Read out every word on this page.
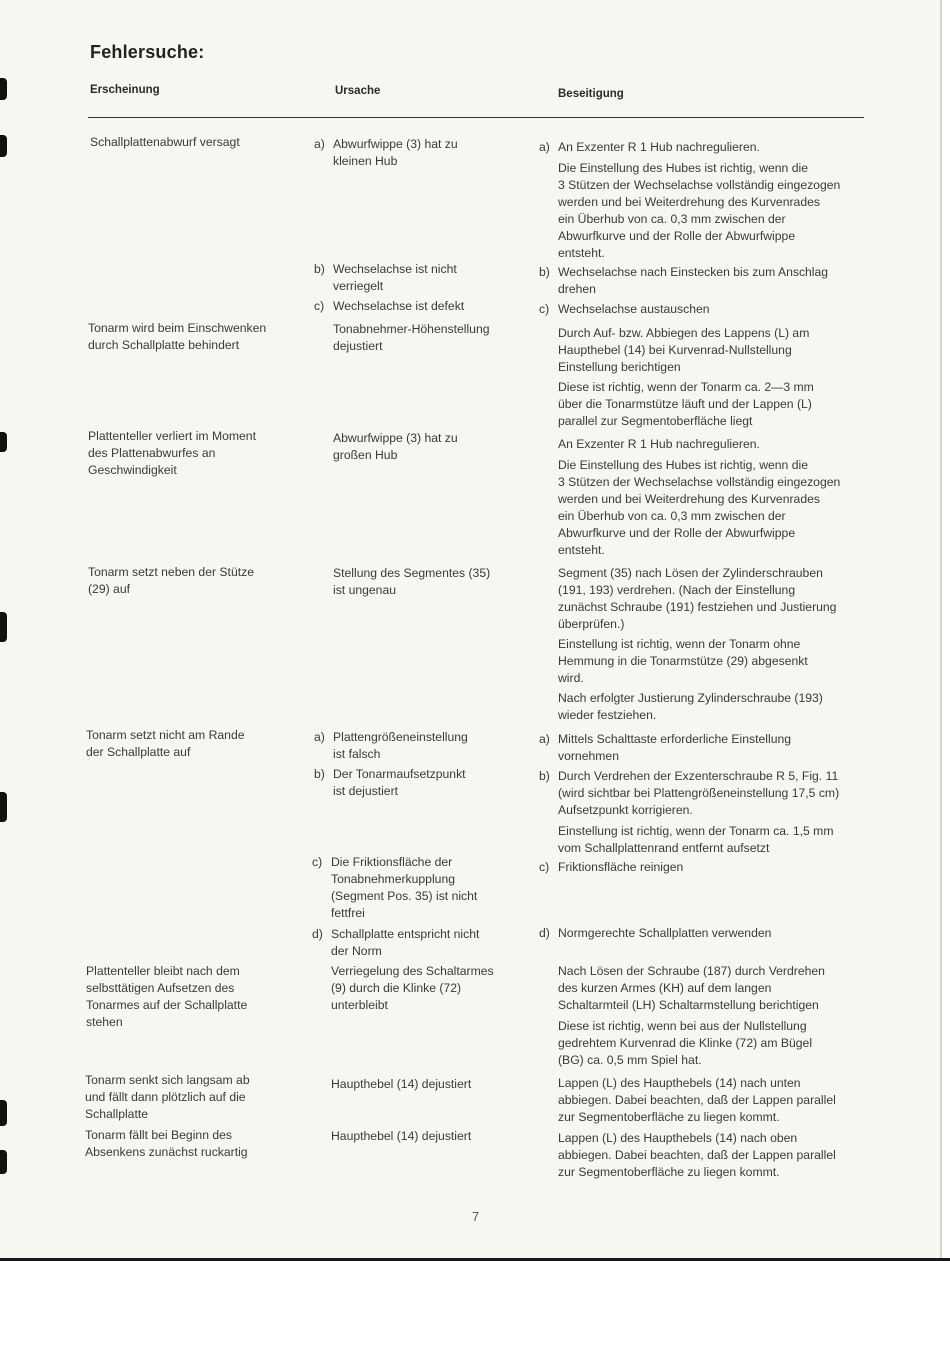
Fehlersuche:
Erscheinung	Ursache	Beseitigung
Schallplattenabwurf versagt
Tonarm wird beim Einschwenken
durch Schallplatte behindert
Plattenteller verliert im Moment
des Plattenabwurfes an
Geschwindigkeit
Tonarm setzt neben der Stütze
(29) auf
Tonarm setzt nicht am Rande
der Schallplatte auf
Plattenteller bleibt nach dem
selbsttätigen Aufsetzen des
Tonarmes auf der Schallplatte
stehen
Tonarm senkt sich langsam ab
und fällt dann plötzlich auf die
Schallplatte
Tonarm fällt bei Beginn des
Absenkens zunächst ruckartig
a) Abwurfwippe (3) hat zu
kleinen Hub
b) Wechselachse ist nicht
verriegelt
c) Wechselachse ist defekt
Tonabnehmer-Höhenstellung
dejustiert
Abwurfwippe (3) hat zu
großen Hub
Stellung des Segmentes (35)
ist ungenau
a) Plattengrößeneinstellung
ist falsch
b) Der Tonarmaufsetzpunkt
ist dejustiert
c) Die Friktionsfläche der
Tonabnehmerkupplung
(Segment Pos. 35) ist nicht
fettfrei
d) Schallplatte entspricht nicht
der Norm
Verriegelung des Schaltarmes
(9) durch die Klinke (72)
unterbleibt
Haupthebel (14) dejustiert
Haupthebel (14) dejustiert
a) An Exzenter R 1 Hub nachregulieren.
Die Einstellung des Hubes ist richtig, wenn die
3 Stützen der Wechselachse vollständig eingezogen
werden und bei Weiterdrehung des Kurvenrades
ein Überhub von ca. 0,3 mm zwischen der
Abwurfkurve und der Rolle der Abwurfwippe
entsteht.
b) Wechselachse nach Einstecken bis zum Anschlag
drehen
c) Wechselachse austauschen
Durch Auf- bzw. Abbiegen des Lappens (L) am
Haupthebel (14) bei Kurvenrad-Nullstellung
Einstellung berichtigen
Diese ist richtig, wenn der Tonarm ca. 2—3 mm
über die Tonarmstütze läuft und der Lappen (L)
parallel zur Segmentoberfläche liegt
An Exzenter R 1 Hub nachregulieren.
Die Einstellung des Hubes ist richtig, wenn die
3 Stützen der Wechselachse vollständig eingezogen
werden und bei Weiterdrehung des Kurvenrades
ein Überhub von ca. 0,3 mm zwischen der
Abwurfkurve und der Rolle der Abwurfwippe
entsteht.
Segment (35) nach Lösen der Zylinderschrauben
(191, 193) verdrehen. (Nach der Einstellung
zunächst Schraube (191) festziehen und Justierung
überprüfen.)
Einstellung ist richtig, wenn der Tonarm ohne
Hemmung in die Tonarmstütze (29) abgesenkt
wird.
Nach erfolgter Justierung Zylinderschraube (193)
wieder festziehen.
a) Mittels Schalttaste erforderliche Einstellung
vornehmen
b) Durch Verdrehen der Exzenterschraube R 5, Fig. 11
(wird sichtbar bei Plattengrößeneinstellung 17,5 cm)
Aufsetzpunkt korrigieren.
Einstellung ist richtig, wenn der Tonarm ca. 1,5 mm
vom Schallplattenrand entfernt aufsetzt
c) Friktionsfläche reinigen
d) Normgerechte Schallplatten verwenden
Nach Lösen der Schraube (187) durch Verdrehen
des kurzen Armes (KH) auf dem langen
Schaltarmteil (LH) Schaltarmstellung berichtigen
Diese ist richtig, wenn bei aus der Nullstellung
gedrehtem Kurvenrad die Klinke (72) am Bügel
(BG) ca. 0,5 mm Spiel hat.
Lappen (L) des Haupthebels (14) nach unten
abbiegen. Dabei beachten, daß der Lappen parallel
zur Segmentoberfläche zu liegen kommt.
Lappen (L) des Haupthebels (14) nach oben
abbiegen. Dabei beachten, daß der Lappen parallel
zur Segmentoberfläche zu liegen kommt.
7
